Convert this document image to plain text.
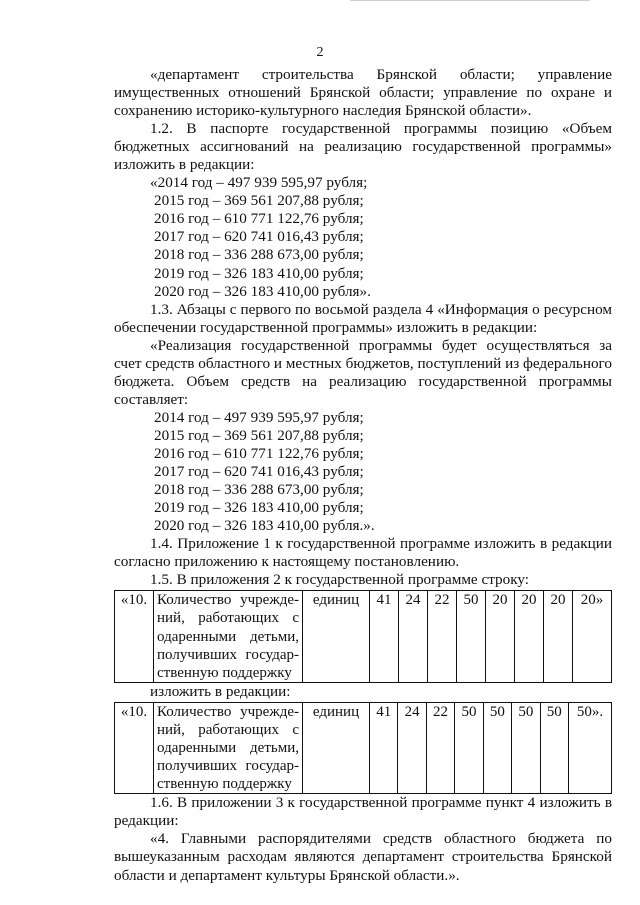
2

«департамент строительства Брянской области; управление имущественных отношений Брянской области; управление по охране и сохранению историко-культурного наследия Брянской области».

1.2. В паспорте государственной программы позицию «Объем бюджетных ассигнований на реализацию государственной программы» изложить в редакции:

«2014 год – 497 939 595,97 рубля;

2015 год – 369 561 207,88 рубля;

2016 год – 610 771 122,76 рубля;

2017 год – 620 741 016,43 рубля;

2018 год – 336 288 673,00 рубля;

2019 год – 326 183 410,00 рубля;

2020 год – 326 183 410,00 рубля».

1.3. Абзацы с первого по восьмой раздела 4 «Информация о ресурсном обеспечении государственной программы» изложить в редакции:

«Реализация государственной программы будет осуществляться за счет средств областного и местных бюджетов, поступлений из федерального бюджета. Объем средств на реализацию государственной программы составляет:

2014 год – 497 939 595,97 рубля;

2015 год – 369 561 207,88 рубля;

2016 год – 610 771 122,76 рубля;

2017 год – 620 741 016,43 рубля;

2018 год – 336 288 673,00 рубля;

2019 год – 326 183 410,00 рубля;

2020 год – 326 183 410,00 рубля.».

1.4. Приложение 1 к государственной программе изложить в редакции согласно приложению к настоящему постановлению.

1.5. В приложения 2 к государственной программе строку:

«10.	Количество учрежде-
ний, работающих с
одаренными детьми,
получивших государ-
ственную поддержку
	единиц	41	24	22	50	20	20	20	20»

изложить в редакции:

«10.	Количество учрежде-
ний, работающих с
одаренными детьми,
получивших государ-
ственную поддержку
	единиц	41	24	22	50	50	50	50	50».

1.6. В приложении 3 к государственной программе пункт 4 изложить в редакции:

«4. Главными распорядителями средств областного бюджета по вышеуказанным расходам являются департамент строительства Брянской области и департамент культуры Брянской области.».
